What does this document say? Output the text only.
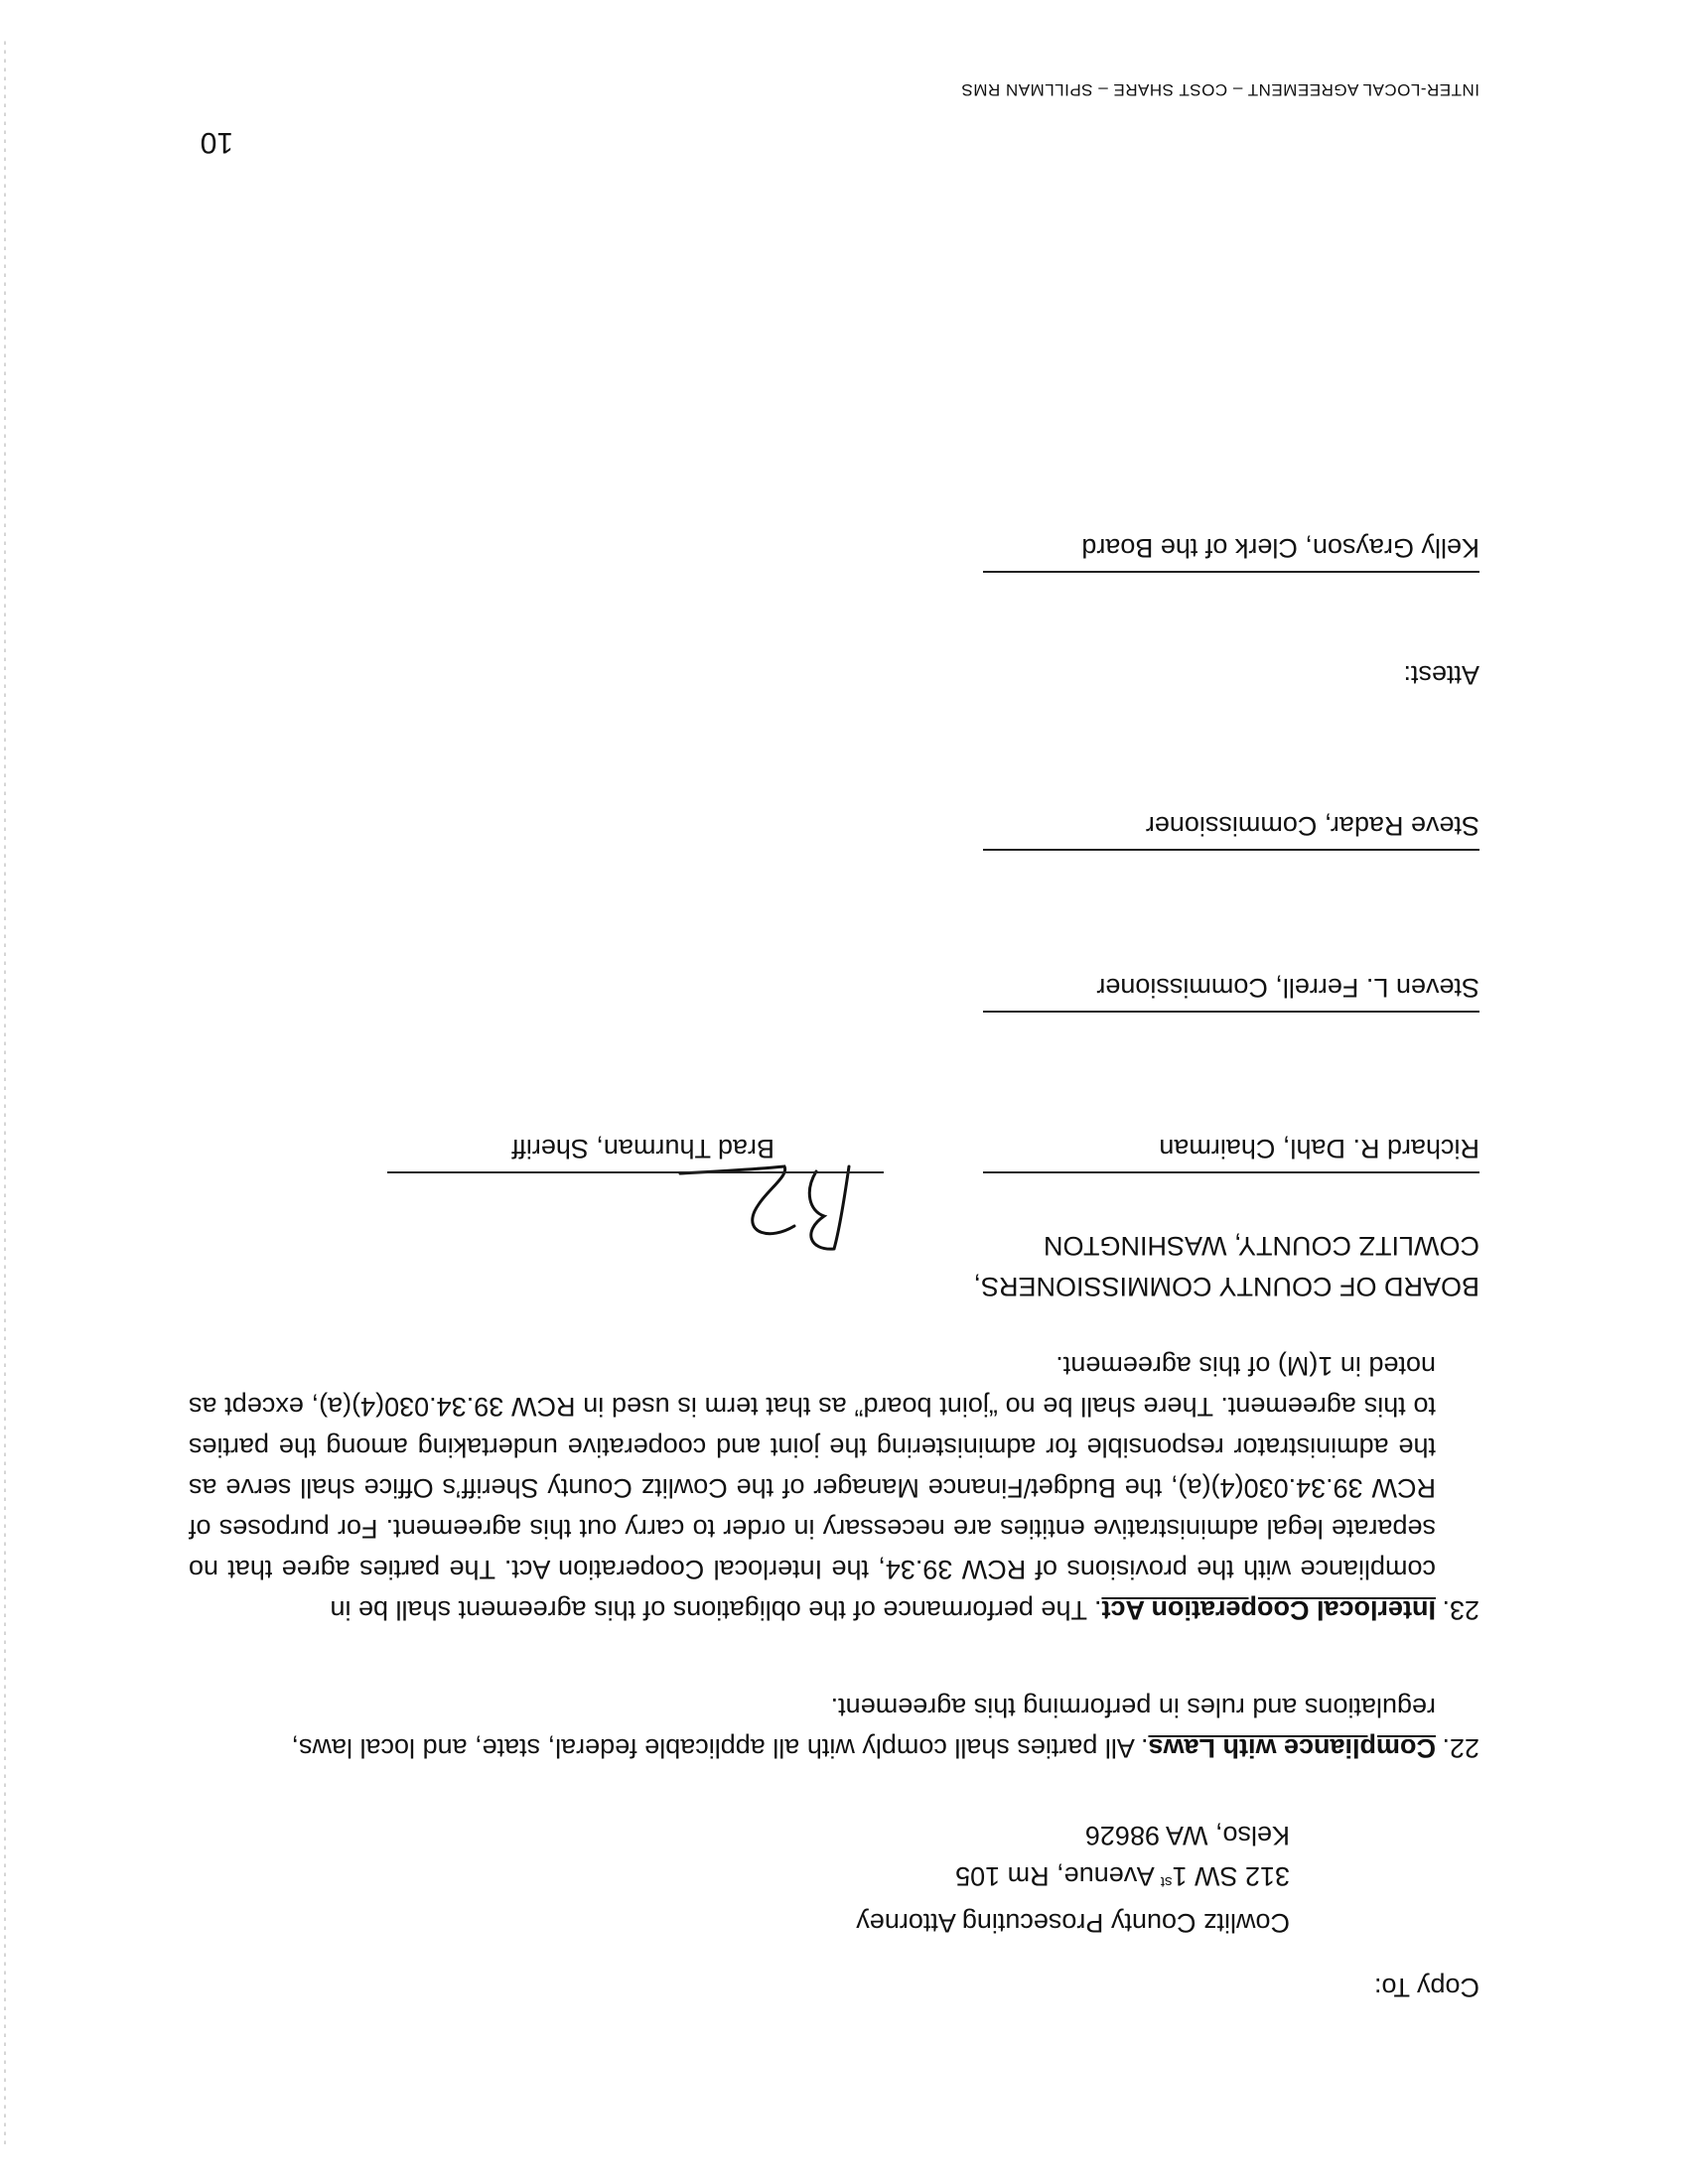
Copy To:
Cowlitz County Prosecuting Attorney
312 SW 1st Avenue, Rm 105
Kelso, WA 98626
22.Compliance with Laws. All parties shall comply with all applicable federal, state, and local laws,
regulations and rules in performing this agreement.
23.Interlocal Cooperation Act. The performance of the obligations of this agreement shall be in
compliance with the provisions of RCW 39.34, the Interlocal Cooperation Act. The parties agree that no separate legal administrative entities are necessary in order to carry out this agreement. For purposes of RCW 39.34.030(4)(a), the Budget/Finance Manager of the Cowlitz County Sheriff’s Office shall serve as the administrator responsible for administering the joint and cooperative undertaking among the parties to this agreement. There shall be no “joint board” as that term is used in RCW 39.34.030(4)(a), except as noted in 1(M) of this agreement.
BOARD OF COUNTY COMMISSIONERS,
COWLITZ COUNTY, WASHINGTON
Richard R. Dahl, Chairman
Brad Thurman, Sheriff
Steven L. Ferrell, Commissioner
Steve Radar, Commissioner
Attest:
Kelly Grayson, Clerk of the Board
10
INTER-LOCAL AGREEMENT – COST SHARE – SPILLMAN RMS
